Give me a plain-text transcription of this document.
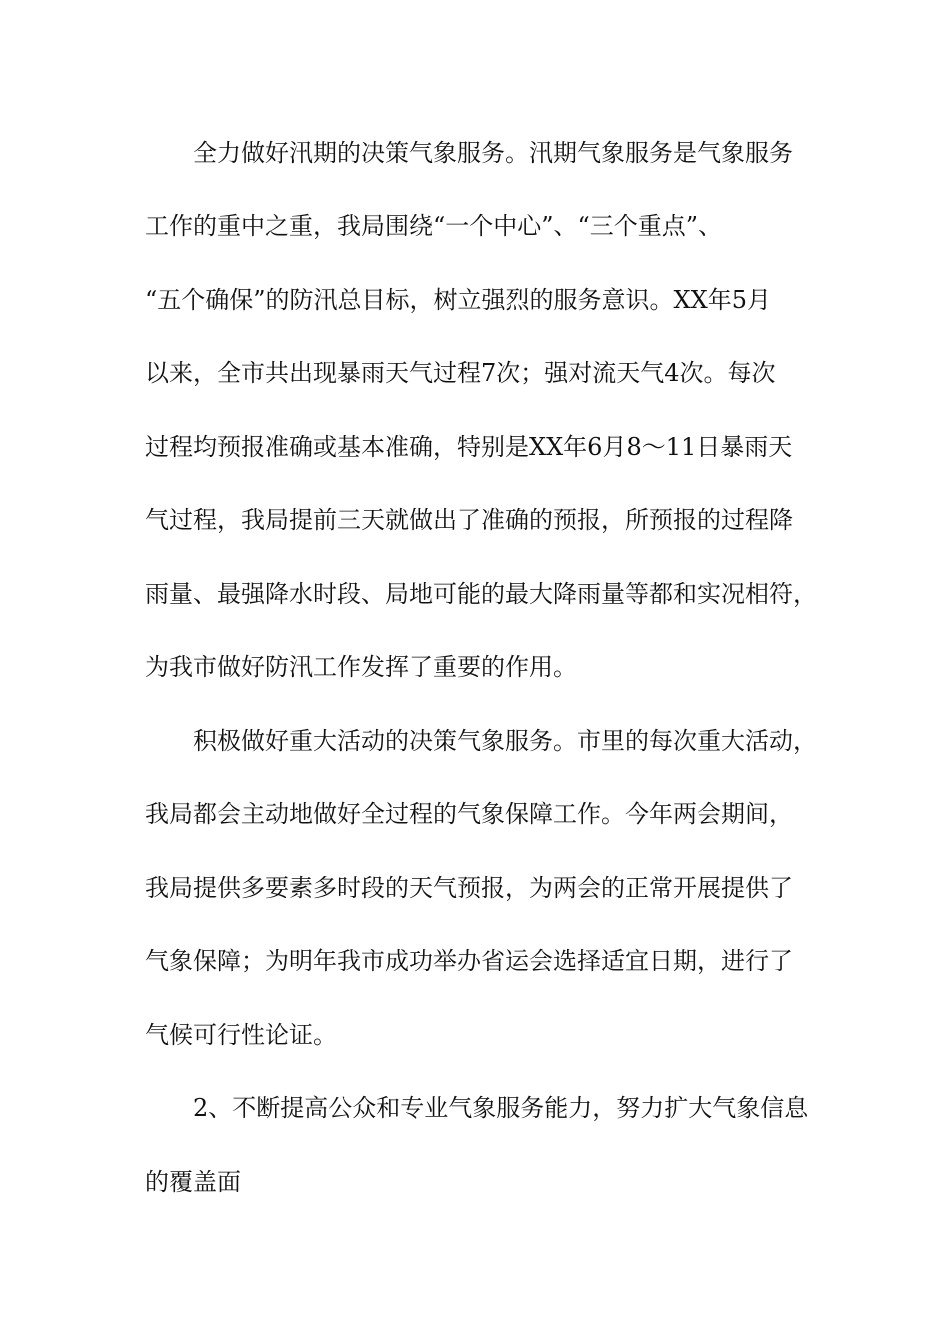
全力做好汛期的决策气象服务。汛期气象服务是气象服务
工作的重中之重，我局围绕“一个中心”、“三个重点”、
“五个确保”的防汛总目标，树立强烈的服务意识。XX年5月
以来，全市共出现暴雨天气过程7次；强对流天气4次。每次
过程均预报准确或基本准确，特别是XX年6月8～11日暴雨天
气过程，我局提前三天就做出了准确的预报，所预报的过程降
雨量、最强降水时段、局地可能的最大降雨量等都和实况相符，
为我市做好防汛工作发挥了重要的作用。
积极做好重大活动的决策气象服务。市里的每次重大活动，
我局都会主动地做好全过程的气象保障工作。今年两会期间，
我局提供多要素多时段的天气预报，为两会的正常开展提供了
气象保障；为明年我市成功举办省运会选择适宜日期，进行了
气候可行性论证。
2、不断提高公众和专业气象服务能力，努力扩大气象信息
的覆盖面
